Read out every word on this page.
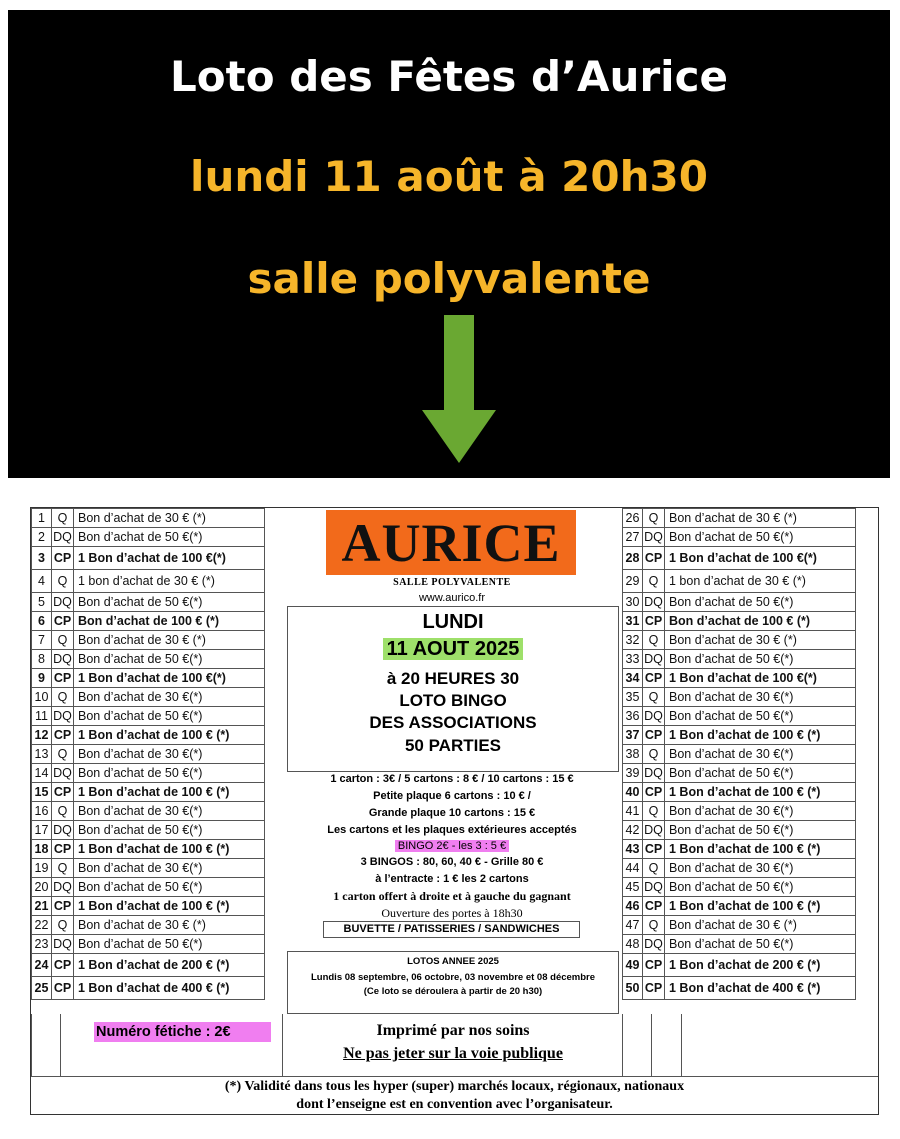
Loto des Fêtes d’Aurice
lundi 11 août à 20h30
salle polyvalente
1	Q	Bon d’achat de 30 € (*)
2	DQ	Bon d’achat de 50 €(*)
3	CP	1 Bon d’achat de 100 €(*)
4	Q	1 bon d’achat de 30 € (*)
5	DQ	Bon d’achat de 50 €(*)
6	CP	Bon d’achat de 100 € (*)
7	Q	Bon d’achat de 30 € (*)
8	DQ	Bon d’achat de 50 €(*)
9	CP	1 Bon d’achat de 100 €(*)
10	Q	Bon d’achat de 30 €(*)
11	DQ	Bon d’achat de 50 €(*)
12	CP	1 Bon d’achat de 100 € (*)
13	Q	Bon d’achat de 30 €(*)
14	DQ	Bon d’achat de 50 €(*)
15	CP	1 Bon d’achat de 100 € (*)
16	Q	Bon d’achat de 30 €(*)
17	DQ	Bon d’achat de 50 €(*)
18	CP	1 Bon d’achat de 100 € (*)
19	Q	Bon d’achat de 30 €(*)
20	DQ	Bon d’achat de 50 €(*)
21	CP	1 Bon d’achat de 100 € (*)
22	Q	Bon d’achat de 30 € (*)
23	DQ	Bon d’achat de 50 €(*)
24	CP	1 Bon d’achat de 200 € (*)
25	CP	1 Bon d’achat de 400 € (*)
26	Q	Bon d’achat de 30 € (*)
27	DQ	Bon d’achat de 50 €(*)
28	CP	1 Bon d’achat de 100 €(*)
29	Q	1 bon d’achat de 30 € (*)
30	DQ	Bon d’achat de 50 €(*)
31	CP	Bon d’achat de 100 € (*)
32	Q	Bon d’achat de 30 € (*)
33	DQ	Bon d’achat de 50 €(*)
34	CP	1 Bon d’achat de 100 €(*)
35	Q	Bon d’achat de 30 €(*)
36	DQ	Bon d’achat de 50 €(*)
37	CP	1 Bon d’achat de 100 € (*)
38	Q	Bon d’achat de 30 €(*)
39	DQ	Bon d’achat de 50 €(*)
40	CP	1 Bon d’achat de 100 € (*)
41	Q	Bon d’achat de 30 €(*)
42	DQ	Bon d’achat de 50 €(*)
43	CP	1 Bon d’achat de 100 € (*)
44	Q	Bon d’achat de 30 €(*)
45	DQ	Bon d’achat de 50 €(*)
46	CP	1 Bon d’achat de 100 € (*)
47	Q	Bon d’achat de 30 € (*)
48	DQ	Bon d’achat de 50 €(*)
49	CP	1 Bon d’achat de 200 € (*)
50	CP	1 Bon d’achat de 400 € (*)
AURICE
SALLE POLYVALENTE
www.aurico.fr
LUNDI
11 AOUT 2025
à 20 HEURES 30
LOTO BINGO
DES ASSOCIATIONS
50 PARTIES
1 carton : 3€ / 5 cartons : 8 € / 10 cartons : 15 €
Petite plaque 6 cartons : 10 € /
Grande plaque 10 cartons : 15 €
Les cartons et les plaques extérieures acceptés
BINGO 2€ - les 3 : 5 €
3 BINGOS : 80, 60, 40 € - Grille 80 €
à l’entracte : 1 € les 2 cartons
1 carton offert à droite et à gauche du gagnant
Ouverture des portes à 18h30
BUVETTE / PATISSERIES / SANDWICHES
LOTOS ANNEE 2025
Lundis 08 septembre, 06 octobre, 03 novembre et 08 décembre
(Ce loto se déroulera à partir de 20 h30)
Numéro fétiche : 2€	Imprimé par nos soins
Ne pas jeter sur la voie publique
(*) Validité dans tous les hyper (super) marchés locaux, régionaux, nationaux
dont l’enseigne est en convention avec l’organisateur.
